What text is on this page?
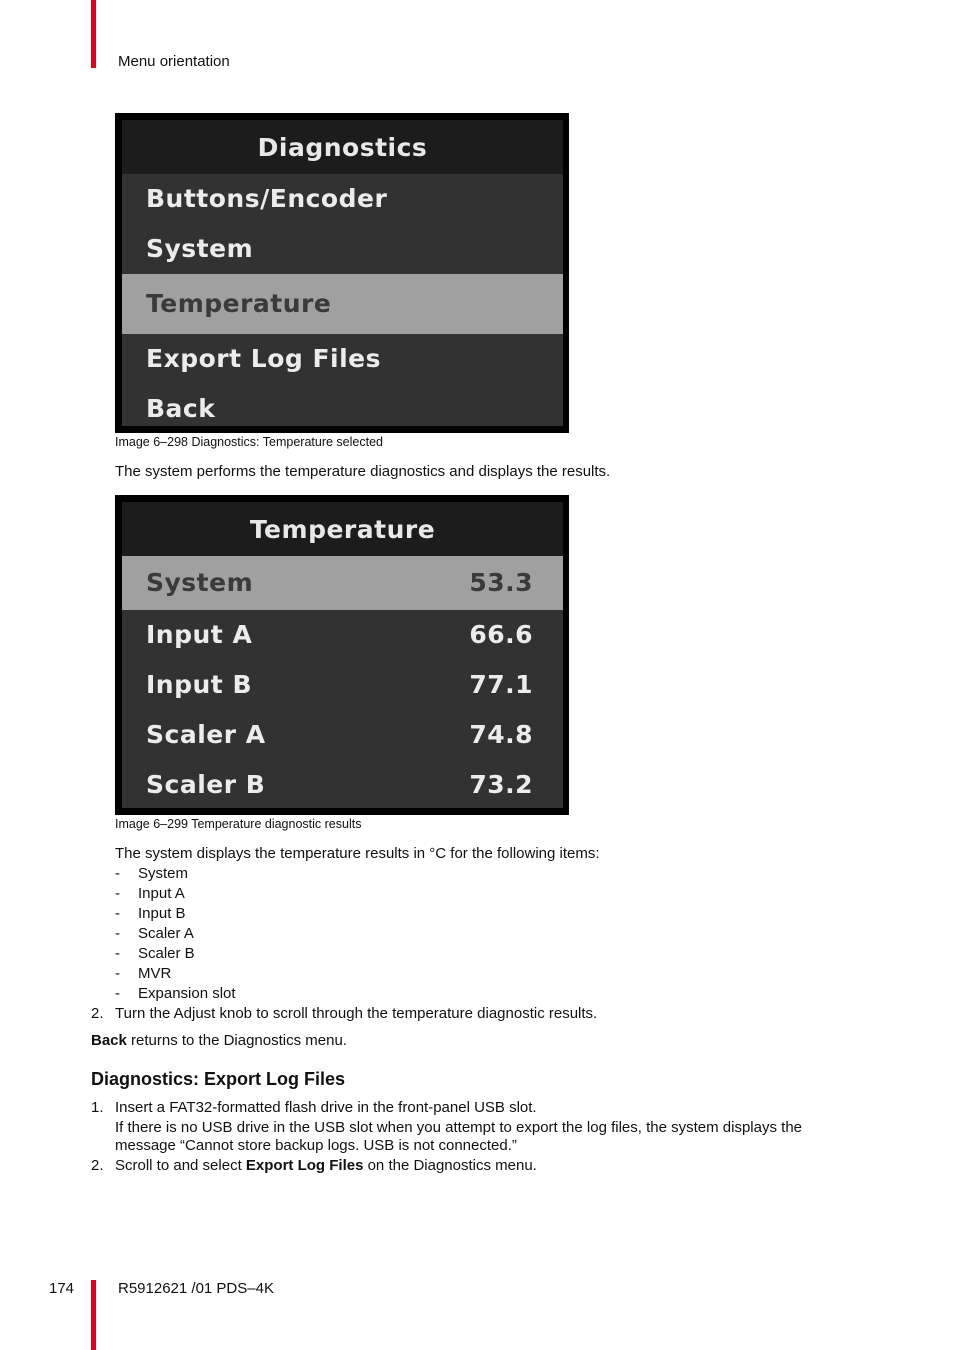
Menu orientation
Diagnostics
Buttons/Encoder
System
Temperature
Export Log Files
Back
Image 6–298 Diagnostics: Temperature selected
The system performs the temperature diagnostics and displays the results.
Temperature
System	53.3
Input A	66.6
Input B	77.1
Scaler A	74.8
Scaler B	73.2
Image 6–299 Temperature diagnostic results
The system displays the temperature results in °C for the following items:
- System
- Input A
- Input B
- Scaler A
- Scaler B
- MVR
- Expansion slot
2. Turn the Adjust knob to scroll through the temperature diagnostic results.
Back returns to the Diagnostics menu.
Diagnostics: Export Log Files
1. Insert a FAT32-formatted flash drive in the front-panel USB slot.
If there is no USB drive in the USB slot when you attempt to export the log files, the system displays the
message “Cannot store backup logs. USB is not connected.”
2. Scroll to and select Export Log Files on the Diagnostics menu.
174	R5912621 /01 PDS–4K
